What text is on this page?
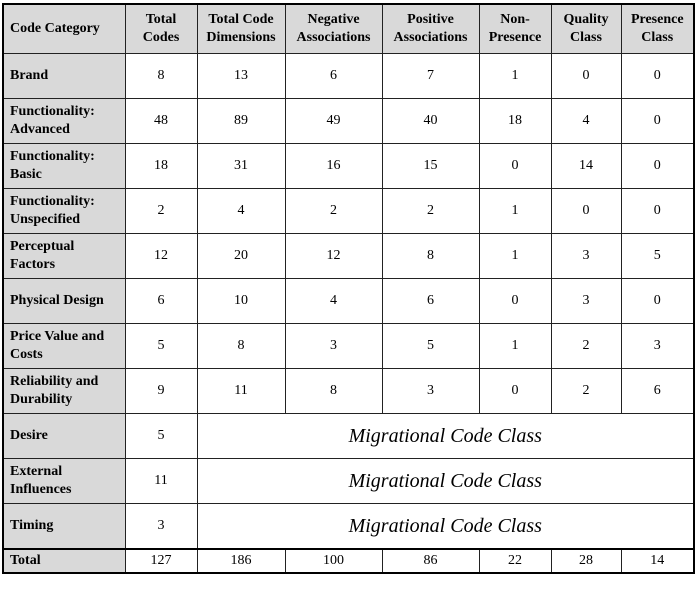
Code Category	Total Codes	Total Code Dimensions	Negative Associations	Positive Associations	Non-Presence	Quality Class	Presence Class
Brand	8	13	6	7	1	0	0
Functionality: Advanced	48	89	49	40	18	4	0
Functionality: Basic	18	31	16	15	0	14	0
Functionality: Unspecified	2	4	2	2	1	0	0
Perceptual Factors	12	20	12	8	1	3	5
Physical Design	6	10	4	6	0	3	0
Price Value and Costs	5	8	3	5	1	2	3
Reliability and Durability	9	11	8	3	0	2	6
Desire	5	Migrational Code Class					
External Influences	11	Migrational Code Class					
Timing	3	Migrational Code Class					
Total	127	186	100	86	22	28	14
